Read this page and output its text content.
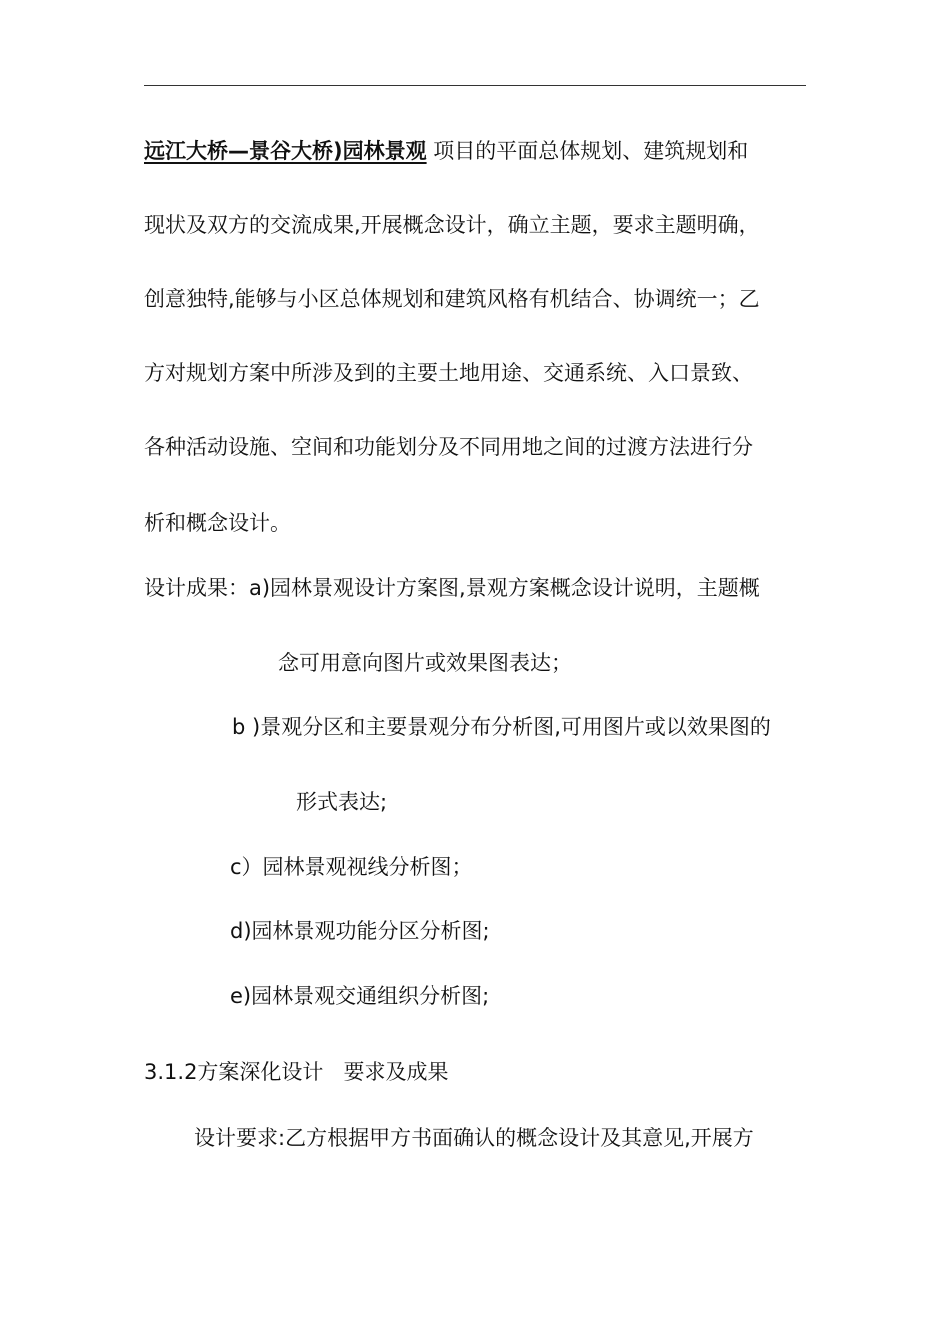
远江大桥—景谷大桥)园林景观 项目的平面总体规划、建筑规划和
现状及双方的交流成果,开展概念设计，确立主题，要求主题明确，
创意独特,能够与小区总体规划和建筑风格有机结合、协调统一；乙
方对规划方案中所涉及到的主要土地用途、交通系统、入口景致、
各种活动设施、空间和功能划分及不同用地之间的过渡方法进行分
析和概念设计。
设计成果：a)园林景观设计方案图,景观方案概念设计说明，主题概
念可用意向图片或效果图表达；
b )景观分区和主要景观分布分析图,可用图片或以效果图的
形式表达;
c）园林景观视线分析图；
d)园林景观功能分区分析图;
e)园林景观交通组织分析图;
3.1.2方案深化设计   要求及成果
设计要求:乙方根据甲方书面确认的概念设计及其意见,开展方
